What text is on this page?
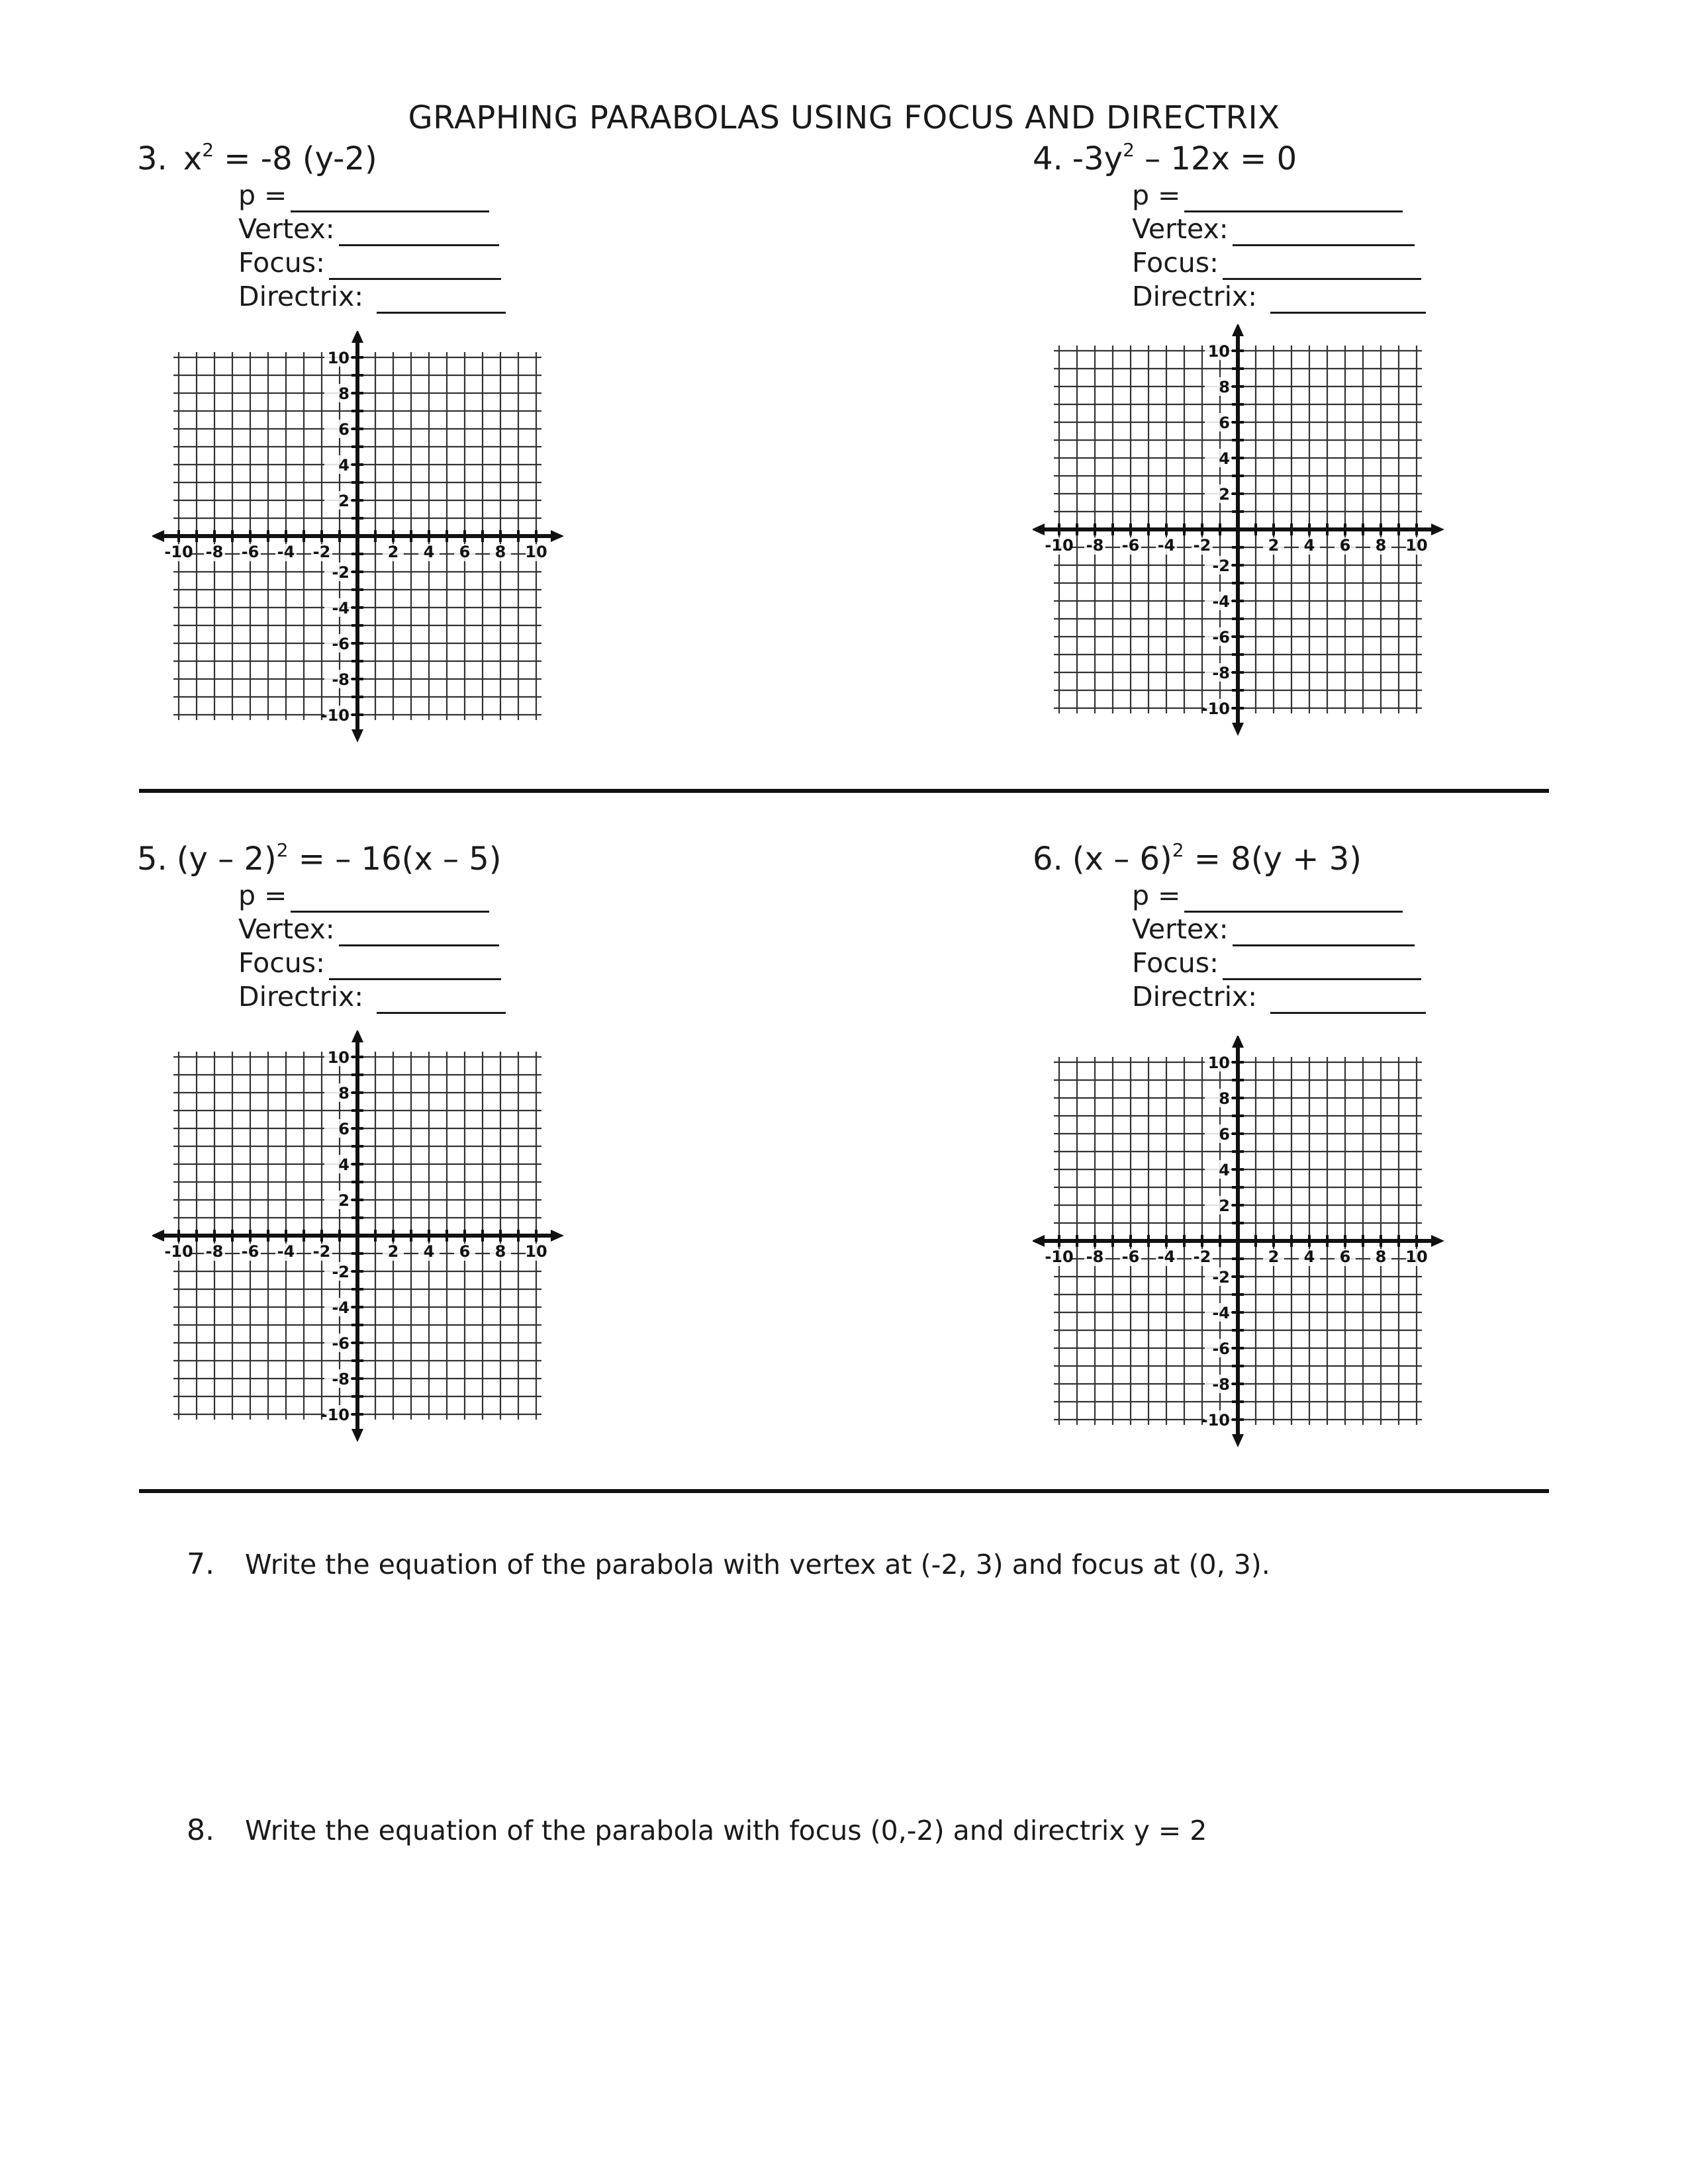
GRAPHING PARABOLAS USING FOCUS AND DIRECTRIX
3. $x^2 = -8$ (y-2)
p =
Vertex:
Focus:
Directrix:
4. $-3y^2 - 12x = 0$
p =
Vertex:
Focus:
Directrix:
5. (y – 2)$^2$ = – 16(x – 5)
p =
Vertex:
Focus:
Directrix:
6. (x – 6)$^2$ = 8(y + 3)
p =
Vertex:
Focus:
Directrix:
-10 -8 -6 -4 -2	2 4 6 8 10
10
8
6
4
2
-2
-4
-6
-8
-10
-10 -8 -6 -4 -2	2 4 6 8 10
10
8
6
4
2
-2
-4
-6
-8
-10
-10 -8 -6 -4 -2	2 4 6 8 10
10
8
6
4
2
-2
-4
-6
-8
-10
-10 -8 -6 -4 -2	2 4 6 8 10
10
8
6
4
2
-2
-4
-6
-8
-10
7. Write the equation of the parabola with vertex at (-2, 3) and focus at (0, 3).
8. Write the equation of the parabola with focus (0,-2) and directrix y = 2
